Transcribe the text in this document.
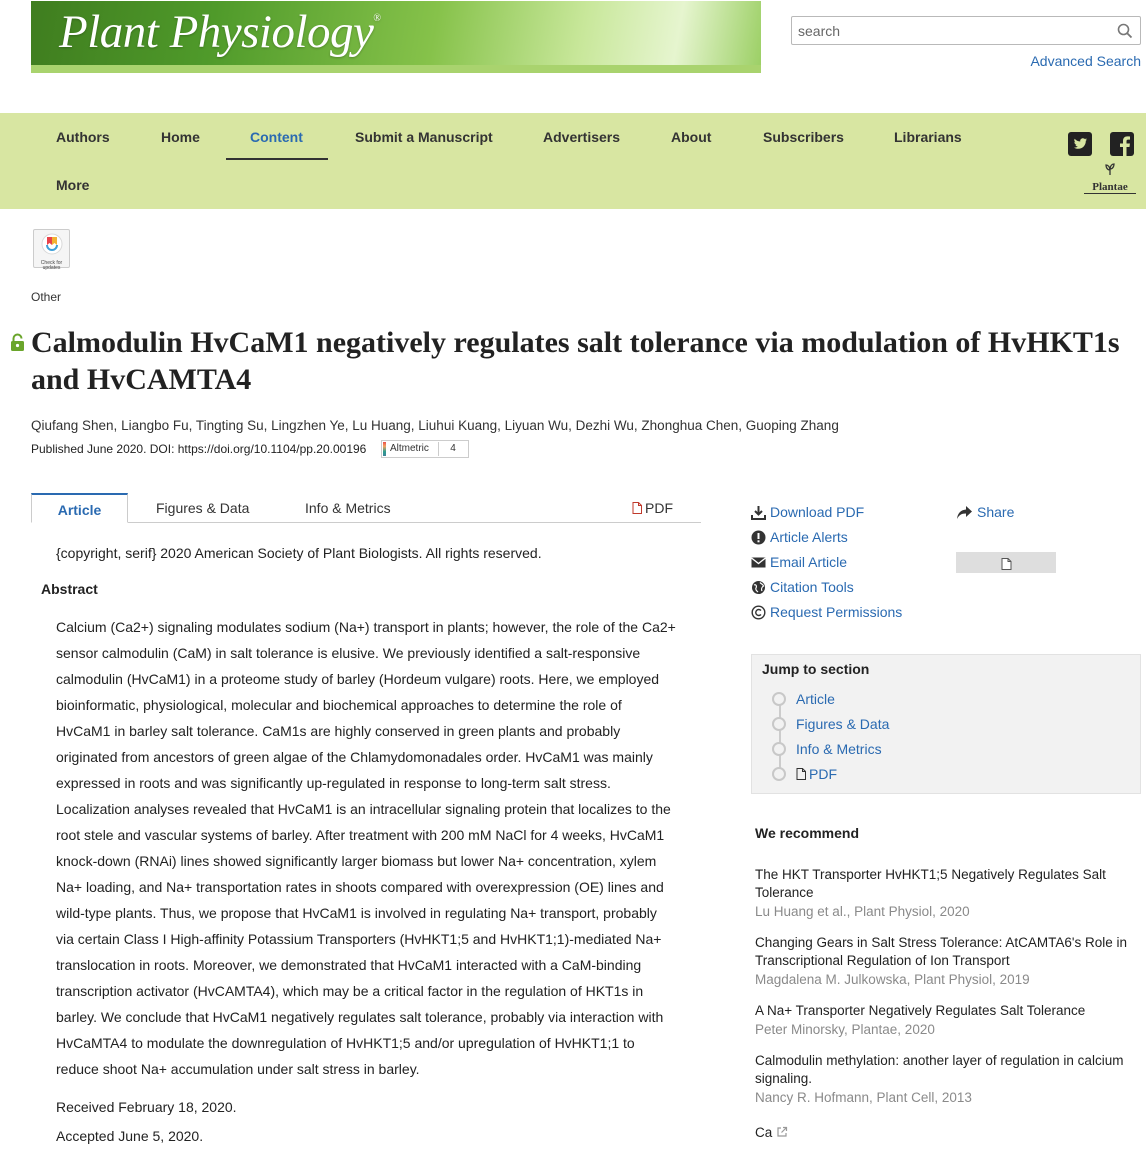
Plant Physiology®
search
Advanced Search
Authors	Home	Content	Submit a Manuscript	Advertisers	About	Subscribers	Librarians
More	Plantae
Check for updates
Other
Calmodulin HvCaM1 negatively regulates salt tolerance via modulation of HvHKT1s and HvCAMTA4
Qiufang Shen, Liangbo Fu, Tingting Su, Lingzhen Ye, Lu Huang, Liuhui Kuang, Liyuan Wu, Dezhi Wu, Zhonghua Chen, Guoping Zhang
Published June 2020. DOI: https://doi.org/10.1104/pp.20.00196	Altmetric	4
Article	Figures & Data	Info & Metrics	PDF
{copyright, serif} 2020 American Society of Plant Biologists. All rights reserved.
Abstract
Calcium (Ca2+) signaling modulates sodium (Na+) transport in plants; however, the role of the Ca2+
sensor calmodulin (CaM) in salt tolerance is elusive. We previously identified a salt-responsive
calmodulin (HvCaM1) in a proteome study of barley (Hordeum vulgare) roots. Here, we employed
bioinformatic, physiological, molecular and biochemical approaches to determine the role of
HvCaM1 in barley salt tolerance. CaM1s are highly conserved in green plants and probably
originated from ancestors of green algae of the Chlamydomonadales order. HvCaM1 was mainly
expressed in roots and was significantly up-regulated in response to long-term salt stress.
Localization analyses revealed that HvCaM1 is an intracellular signaling protein that localizes to the
root stele and vascular systems of barley. After treatment with 200 mM NaCl for 4 weeks, HvCaM1
knock-down (RNAi) lines showed significantly larger biomass but lower Na+ concentration, xylem
Na+ loading, and Na+ transportation rates in shoots compared with overexpression (OE) lines and
wild-type plants. Thus, we propose that HvCaM1 is involved in regulating Na+ transport, probably
via certain Class I High-affinity Potassium Transporters (HvHKT1;5 and HvHKT1;1)-mediated Na+
translocation in roots. Moreover, we demonstrated that HvCaM1 interacted with a CaM-binding
transcription activator (HvCAMTA4), which may be a critical factor in the regulation of HKT1s in
barley. We conclude that HvCaM1 negatively regulates salt tolerance, probably via interaction with
HvCaMTA4 to modulate the downregulation of HvHKT1;5 and/or upregulation of HvHKT1;1 to
reduce shoot Na+ accumulation under salt stress in barley.
Received February 18, 2020.
Accepted June 5, 2020.
Download PDF
Article Alerts
Email Article
Citation Tools
Request Permissions
Share
Jump to section
Article
Figures & Data
Info & Metrics
PDF
We recommend
The HKT Transporter HvHKT1;5 Negatively Regulates Salt Tolerance
Lu Huang et al., Plant Physiol, 2020
Changing Gears in Salt Stress Tolerance: AtCAMTA6's Role in Transcriptional Regulation of Ion Transport
Magdalena M. Julkowska, Plant Physiol, 2019
A Na+ Transporter Negatively Regulates Salt Tolerance
Peter Minorsky, Plantae, 2020
Calmodulin methylation: another layer of regulation in calcium signaling.
Nancy R. Hofmann, Plant Cell, 2013
Ca
